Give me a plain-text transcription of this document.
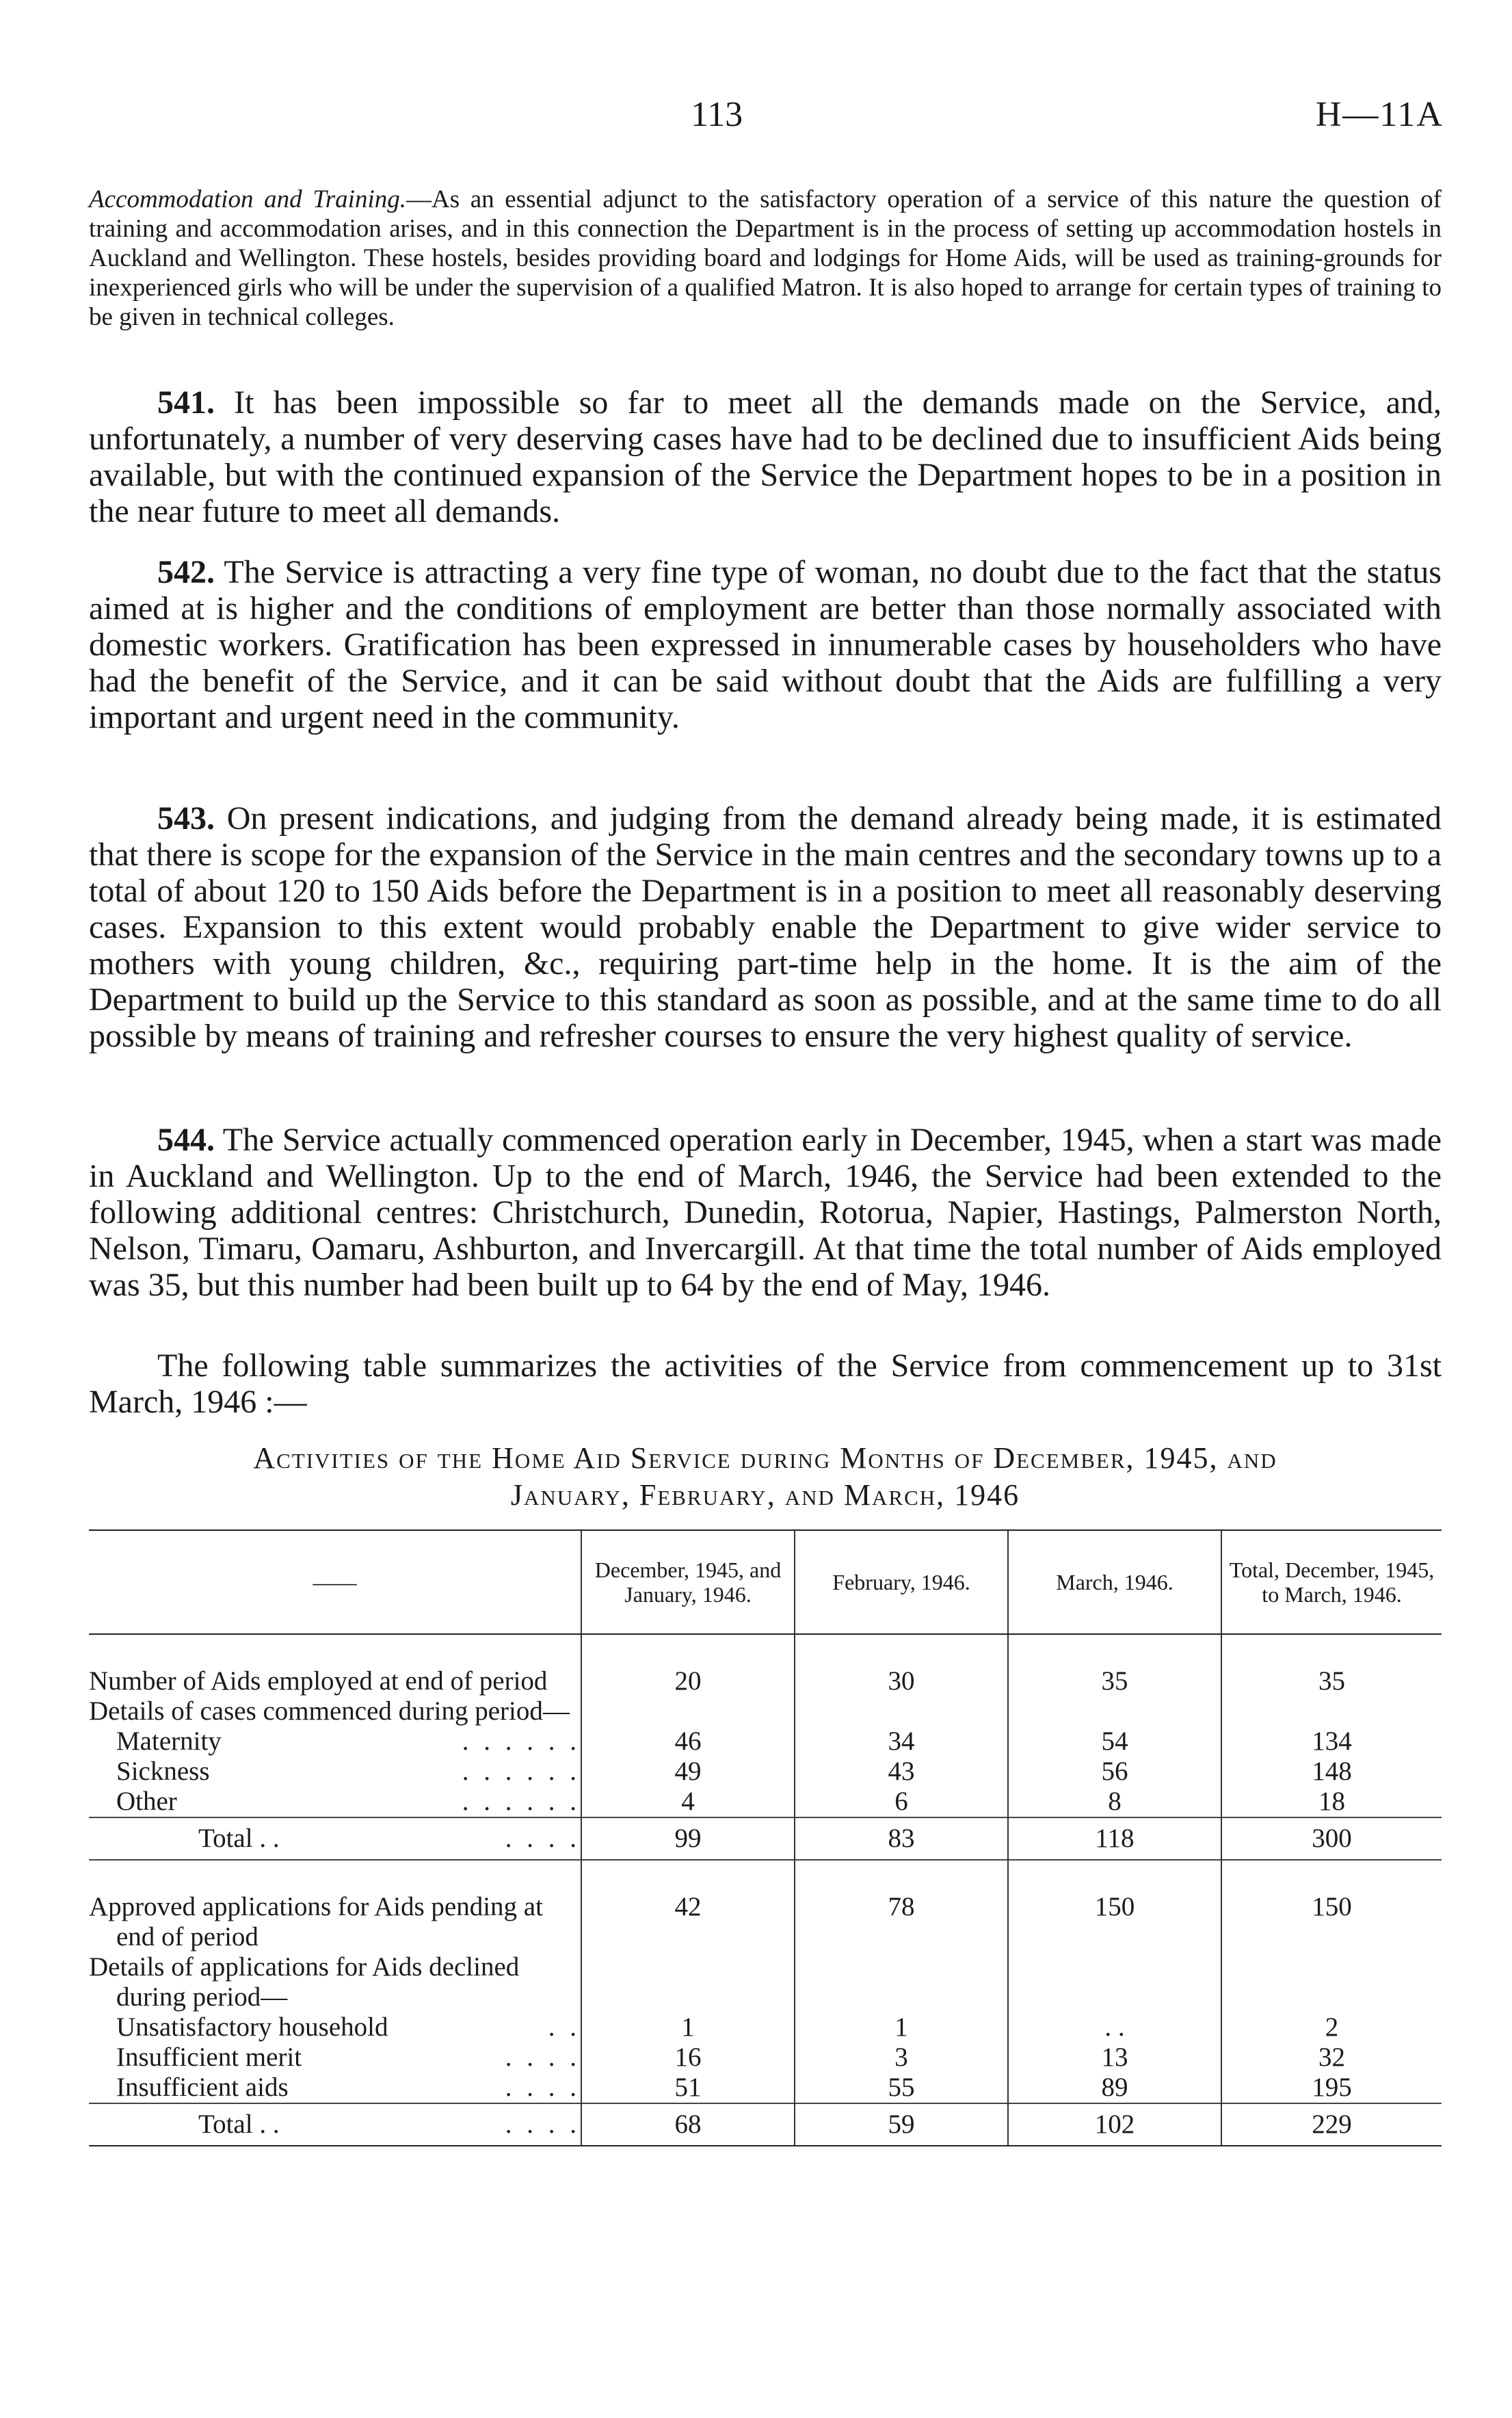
113	H—11A
Accommodation and Training.—As an essential adjunct to the satisfactory operation of a service of this nature the question of training and accommodation arises, and in this connection the Department is in the process of setting up accommodation hostels in Auckland and Wellington. These hostels, besides providing board and lodgings for Home Aids, will be used as training-grounds for inexperienced girls who will be under the supervision of a qualified Matron. It is also hoped to arrange for certain types of training to be given in technical colleges.
541. It has been impossible so far to meet all the demands made on the Service, and, unfortunately, a number of very deserving cases have had to be declined due to insufficient Aids being available, but with the continued expansion of the Service the Department hopes to be in a position in the near future to meet all demands.
542. The Service is attracting a very fine type of woman, no doubt due to the fact that the status aimed at is higher and the conditions of employment are better than those normally associated with domestic workers. Gratification has been expressed in innumerable cases by householders who have had the benefit of the Service, and it can be said without doubt that the Aids are fulfilling a very important and urgent need in the community.
543. On present indications, and judging from the demand already being made, it is estimated that there is scope for the expansion of the Service in the main centres and the secondary towns up to a total of about 120 to 150 Aids before the Department is in a position to meet all reasonably deserving cases. Expansion to this extent would probably enable the Department to give wider service to mothers with young children, &c., requiring part-time help in the home. It is the aim of the Department to build up the Service to this standard as soon as possible, and at the same time to do all possible by means of training and refresher courses to ensure the very highest quality of service.
544. The Service actually commenced operation early in December, 1945, when a start was made in Auckland and Wellington. Up to the end of March, 1946, the Service had been extended to the following additional centres: Christchurch, Dunedin, Rotorua, Napier, Hastings, Palmerston North, Nelson, Timaru, Oamaru, Ashburton, and Invercargill. At that time the total number of Aids employed was 35, but this number had been built up to 64 by the end of May, 1946.
The following table summarizes the activities of the Service from commencement up to 31st March, 1946 :—
Activities of the Home Aid Service during Months of December, 1945, and
January, February, and March, 1946
——	December, 1945, and January, 1946.	February, 1946.	March, 1946.	Total, December, 1945, to March, 1946.

Number of Aids employed at end of period	20	30	35	35
Details of cases commenced during period—				
Maternity . . . . . .	46	34	54	134
Sickness . . . . . .	49	43	56	148
Other . . . . . .	4	6	8	18
Total . . . . . .	99	83	118	300

Approved applications for Aids pending at end of period	42	78	150	150
Details of applications for Aids declined during period—				
Unsatisfactory household . .	1	1	. .	2
Insufficient merit . . . .	16	3	13	32
Insufficient aids . . . .	51	55	89	195
Total . . . . . .	68	59	102	229
